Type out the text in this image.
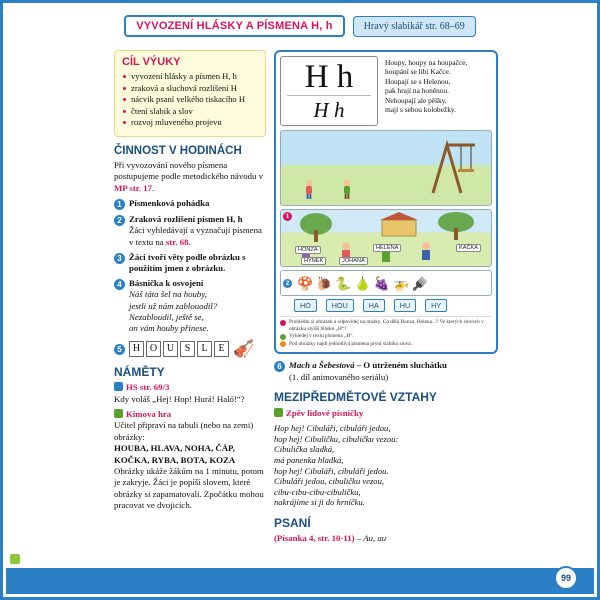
VYVOZENÍ HLÁSKY A PÍSMENA H, h	Hravý slabikář str. 68–69
CÍL VÝUKY
vyvození hlásky a písmen H, h
zraková a sluchová rozlišení H
nácvik psaní velkého tiskacího H
čtení slabik a slov
rozvoj mluveného projevu
ČINNOST V HODINÁCH

Při vyvozování nového písmena postupujeme podle metodického návodu v MP str. 17.

1 Písmenková pohádka
2 Zraková rozlišení písmen H, h
Žáci vyhledávají a vyznačují písmena v textu na str. 68.
3 Žáci tvoří věty podle obrázku s použitím jmen z obrázku.
4 Básnička k osvojení
Náš táta šel na houby,
jestli už nám zablouodil?
Nezabloudil, ještě se,
on vám houby přinese.
5	H O U	S	L	E 🎻
NÁMĚTY

HS str. 69/3
Kdy voláš „Hej! Hop! Hurá! Haló!“?

Kimova hra
Učitel připraví na tabuli (nebo na zemi) obrázky:
HOUBA, HLAVA, NOHA, ČÁP, KOČKA, RYBA, BOTA, KOZA
Obrázky ukáže žákům na 1 minutu, potom je zakryje. Žáci je popíší slovem, které obrázky si zapamatovali. Zpočátku mohou pracovat ve dvojicích.

H h
H h
Houpy, houpy na houpačce,
houpání se líbí Kačce.
Houpají se s Helenou,
pak hrají na honěnou.
Nehoupají ale pěšky,
mají s sebou kolobežky.
1
HONZA	HELENA	KAČKA
JOHANA
HYNEK
2 🍄 🐌 🐍 🍐 🍇 🚁 🪮
HO	HOU	HA	HU	HY
Prohlédni si obrázek a odpovídej na otázky. Co dělá Honza, Helena...? Ve kterých slovech v obrázku slyšíš hlásku „H“?
Vyhledej v textu písmena „H“.
Pod obrázky najdi jednotlivá písmena první slabiku slova.
6 Mach a Šebestová – O utrženém sluchátku
(1. díl animovaného seriálu)
MEZIPŘEDMĚTOVÉ VZTAHY

Zpěv lidové písničky

Hop hej! Cibuláři, cibuláři jedou,
hop hej! Cibuličku, cibuličku vezou:
Cibulička sladká,
má panenka hladká,
hop hej! Cibuláři, cibuláři jedou.
Cibuláři jedou, cibuličku vezou,
cibu-cibu-cibu-cibuličku,
nakrájíme si ji do hrníčku.
PSANÍ

(Písanka 4, str. 10-11) – Au, au

99
